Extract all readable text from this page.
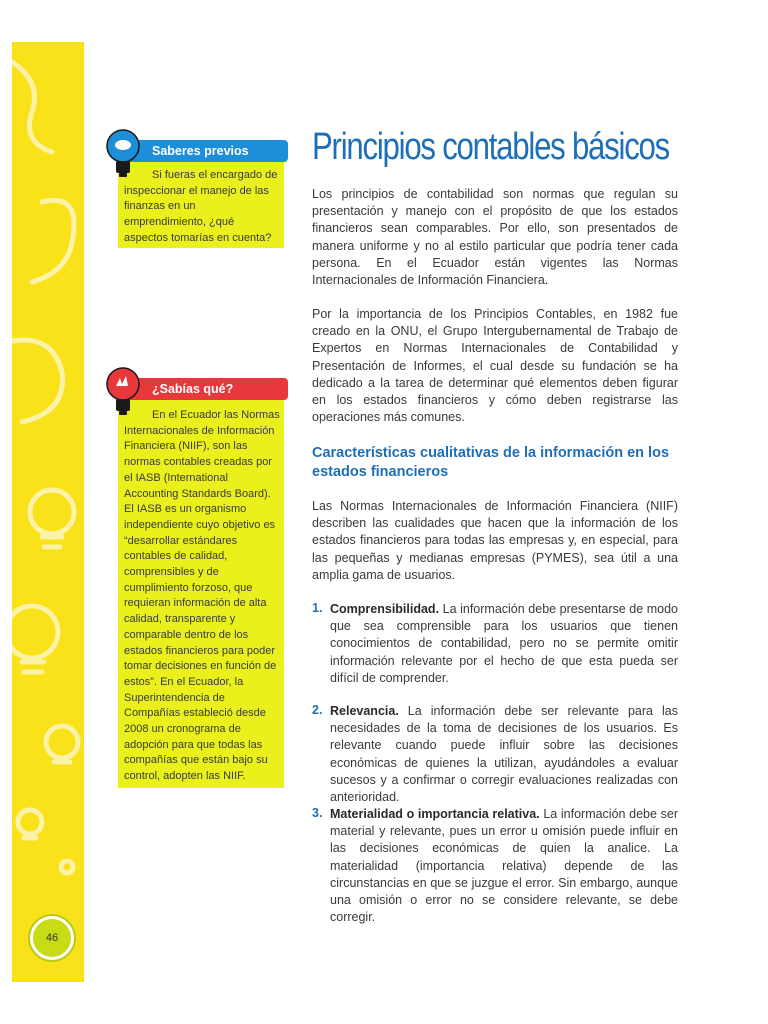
46
Saberes previos
Si fueras el encargado de inspeccionar el manejo de las finanzas en un emprendimiento, ¿qué aspectos tomarías en cuenta?
¿Sabías qué?
En el Ecuador las Normas Internacionales de Información Financiera (NIIF), son las normas contables creadas por el IASB (International Accounting Standards Board). El IASB es un organismo independiente cuyo objetivo es “desarrollar estándares contables de calidad, comprensibles y de cumplimiento forzoso, que requieran información de alta calidad, transparente y comparable dentro de los estados financieros para poder tomar decisiones en función de estos”. En el Ecuador, la Superintendencia de Compañías estableció desde 2008 un cronograma de adopción para que todas las compañías que están bajo su control, adopten las NIIF.
Principios contables básicos

Los principios de contabilidad son normas que regulan su presentación y manejo con el propósito de que los estados financieros sean comparables. Por ello, son presentados de manera uniforme y no al estilo particular que podría tener cada persona. En el Ecuador están vigentes las Normas Internacionales de Información Financiera.

Por la importancia de los Principios Contables, en 1982 fue creado en la ONU, el Grupo Intergubernamental de Trabajo de Expertos en Normas Internacionales de Contabilidad y Presentación de Informes, el cual desde su fundación se ha dedicado a la tarea de determinar qué elementos deben figurar en los estados financieros y cómo deben registrarse las operaciones más comunes.

Características cualitativas de la información en los estados financieros

Las Normas Internacionales de Información Financiera (NIIF) describen las cualidades que hacen que la información de los estados financieros para todas las empresas y, en especial, para las pequeñas y medianas empresas (PYMES), sea útil a una amplia gama de usuarios.

1. Comprensibilidad. La información debe presentarse de modo que sea comprensible para los usuarios que tienen conocimientos de contabilidad, pero no se permite omitir información relevante por el hecho de que esta pueda ser difícil de comprender.

2. Relevancia. La información debe ser relevante para las necesidades de la toma de decisiones de los usuarios. Es relevante cuando puede influir sobre las decisiones económicas de quienes la utilizan, ayudándoles a evaluar sucesos y a confirmar o corregir evaluaciones realizadas con anterioridad.

3. Materialidad o importancia relativa. La información debe ser material y relevante, pues un error u omisión puede influir en las decisiones económicas de quien la analice. La materialidad (importancia relativa) depende de las circunstancias en que se juzgue el error. Sin embargo, aunque una omisión o error no se considere relevante, se debe corregir.
